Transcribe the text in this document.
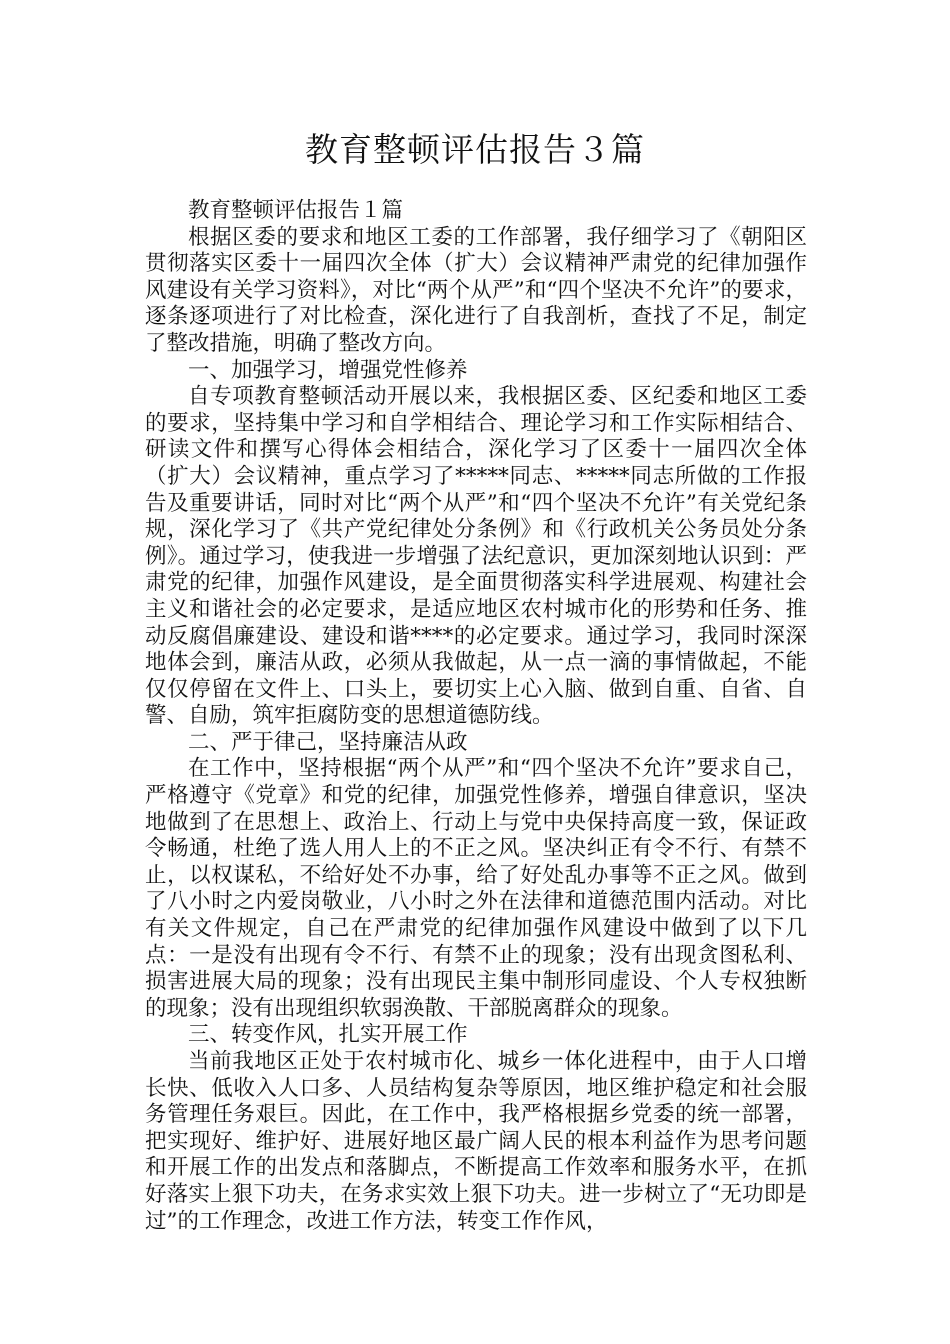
教育整顿评估报告３篇

教育整顿评估报告１篇

根据区委的要求和地区工委的工作部署，我仔细学习了《朝阳区贯彻落实区委十一届四次全体（扩大）会议精神严肃党的纪律加强作风建设有关学习资料》，对比“两个从严”和“四个坚决不允许”的要求，逐条逐项进行了对比检查，深化进行了自我剖析，查找了不足，制定了整改措施，明确了整改方向。

一、加强学习，增强党性修养

自专项教育整顿活动开展以来，我根据区委、区纪委和地区工委的要求，坚持集中学习和自学相结合、理论学习和工作实际相结合、研读文件和撰写心得体会相结合，深化学习了区委十一届四次全体（扩大）会议精神，重点学习了*****同志、*****同志所做的工作报告及重要讲话，同时对比“两个从严”和“四个坚决不允许”有关党纪条规，深化学习了《共产党纪律处分条例》和《行政机关公务员处分条例》。通过学习，使我进一步增强了法纪意识，更加深刻地认识到：严肃党的纪律，加强作风建设，是全面贯彻落实科学进展观、构建社会主义和谐社会的必定要求，是适应地区农村城市化的形势和任务、推动反腐倡廉建设、建设和谐****的必定要求。通过学习，我同时深深地体会到，廉洁从政，必须从我做起，从一点一滴的事情做起，不能仅仅停留在文件上、口头上，要切实上心入脑、做到自重、自省、自警、自励，筑牢拒腐防变的思想道德防线。

二、严于律己，坚持廉洁从政

在工作中，坚持根据“两个从严”和“四个坚决不允许”要求自己，严格遵守《党章》和党的纪律，加强党性修养，增强自律意识，坚决地做到了在思想上、政治上、行动上与党中央保持高度一致，保证政令畅通，杜绝了选人用人上的不正之风。坚决纠正有令不行、有禁不止，以权谋私，不给好处不办事，给了好处乱办事等不正之风。做到了八小时之内爱岗敬业，八小时之外在法律和道德范围内活动。对比有关文件规定，自己在严肃党的纪律加强作风建设中做到了以下几点：一是没有出现有令不行、有禁不止的现象；没有出现贪图私利、损害进展大局的现象；没有出现民主集中制形同虚设、个人专权独断的现象；没有出现组织软弱涣散、干部脱离群众的现象。

三、转变作风，扎实开展工作

当前我地区正处于农村城市化、城乡一体化进程中，由于人口增长快、低收入人口多、人员结构复杂等原因，地区维护稳定和社会服务管理任务艰巨。因此，在工作中，我严格根据乡党委的统一部署，把实现好、维护好、进展好地区最广阔人民的根本利益作为思考问题和开展工作的出发点和落脚点，不断提高工作效率和服务水平，在抓好落实上狠下功夫，在务求实效上狠下功夫。进一步树立了“无功即是过”的工作理念，改进工作方法，转变工作作风，
